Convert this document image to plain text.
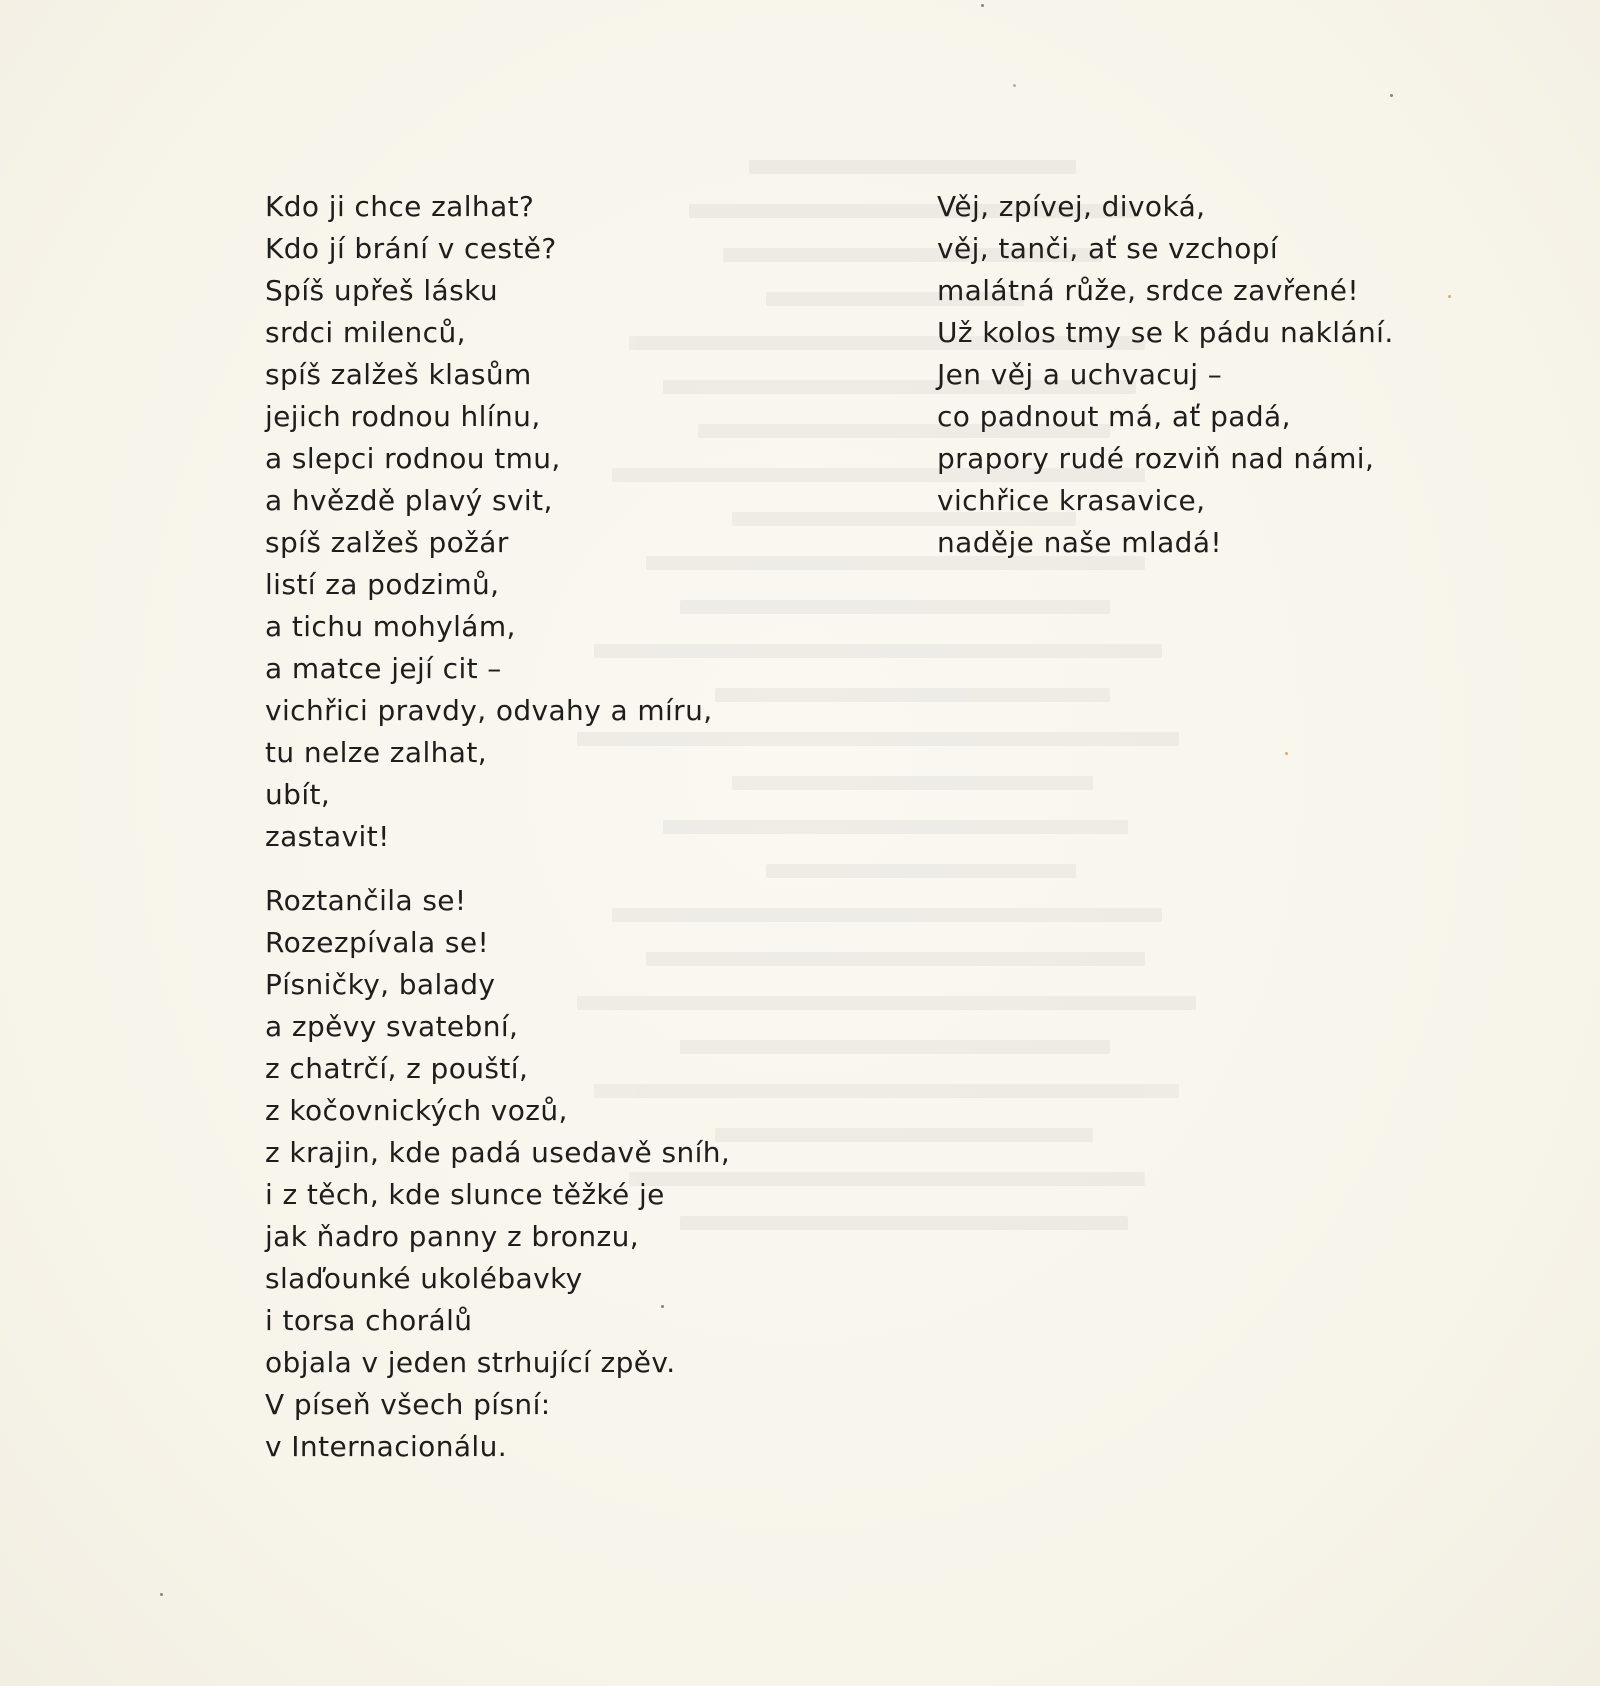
Kdo ji chce zalhat?
Kdo jí brání v cestě?
Spíš upřeš lásku
srdci milenců,
spíš zalžeš klasům
jejich rodnou hlínu,
a slepci rodnou tmu,
a hvězdě plavý svit,
spíš zalžeš požár
listí za podzimů,
a tichu mohylám,
a matce její cit –
vichřici pravdy, odvahy a míru,
tu nelze zalhat,
ubít,
zastavit!
Roztančila se!
Rozezpívala se!
Písničky, balady
a zpěvy svatební,
z chatrčí, z pouští,
z kočovnických vozů,
z krajin, kde padá usedavě sníh,
i z těch, kde slunce těžké je
jak ňadro panny z bronzu,
slaďounké ukolébavky
i torsa chorálů
objala v jeden strhující zpěv.
V píseň všech písní:
v Internacionálu.
Věj, zpívej, divoká,
věj, tanči, ať se vzchopí
malátná růže, srdce zavřené!
Už kolos tmy se k pádu naklání.
Jen věj a uchvacuj –
co padnout má, ať padá,
prapory rudé rozviň nad námi,
vichřice krasavice,
naděje naše mladá!
